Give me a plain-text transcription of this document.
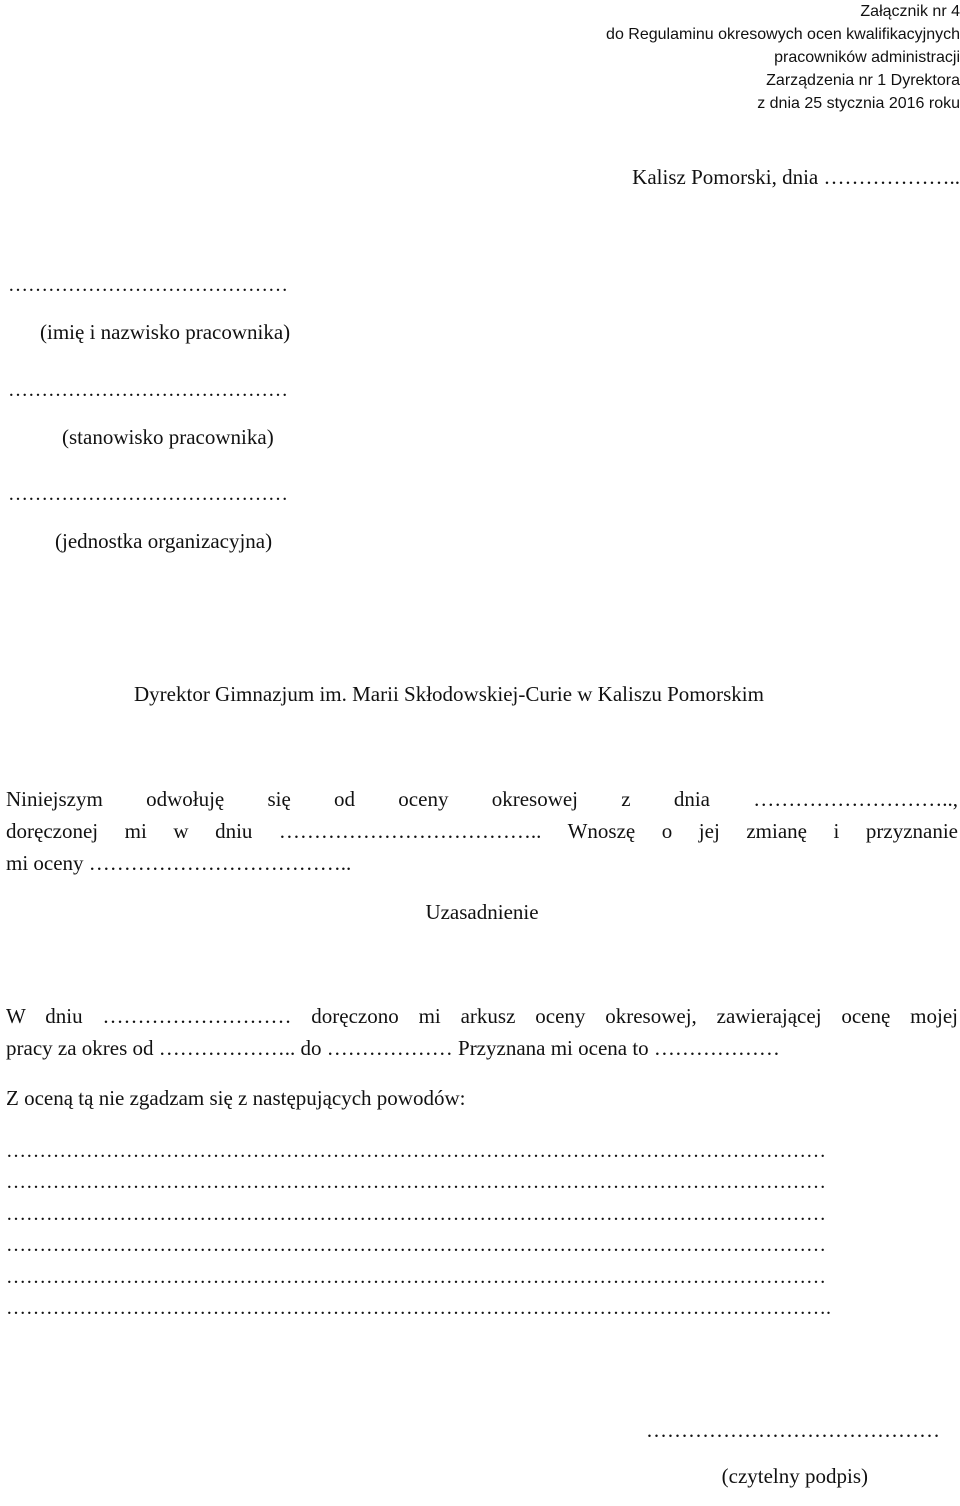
Załącznik nr 4
do Regulaminu okresowych ocen kwalifikacyjnych
pracowników administracji
Zarządzenia nr 1 Dyrektora
z dnia 25 stycznia 2016 roku
Kalisz Pomorski, dnia ………………..
……………………………………
(imię i nazwisko pracownika)
……………………………………
(stanowisko pracownika)
……………………………………
(jednostka organizacyjna)
Dyrektor Gimnazjum im. Marii Skłodowskiej-Curie w Kaliszu Pomorskim
Niniejszym odwołuję się od oceny okresowej z dnia ………………………..,
doręczonej mi w dniu ……………………………….. Wnoszę o jej zmianę i przyznanie
mi oceny ………………………………..
Uzasadnienie
W dniu ……………………… doręczono mi arkusz oceny okresowej, zawierającej ocenę mojej
pracy za okres od ……………….. do ……………… Przyznana mi ocena to ………………
Z oceną tą nie zgadzam się z następujących powodów:
……………………………………………………………………………………………………………
……………………………………………………………………………………………………………
……………………………………………………………………………………………………………
……………………………………………………………………………………………………………
……………………………………………………………………………………………………………
…………………………………………………………………………………………………………….
……………………………………
(czytelny podpis)
